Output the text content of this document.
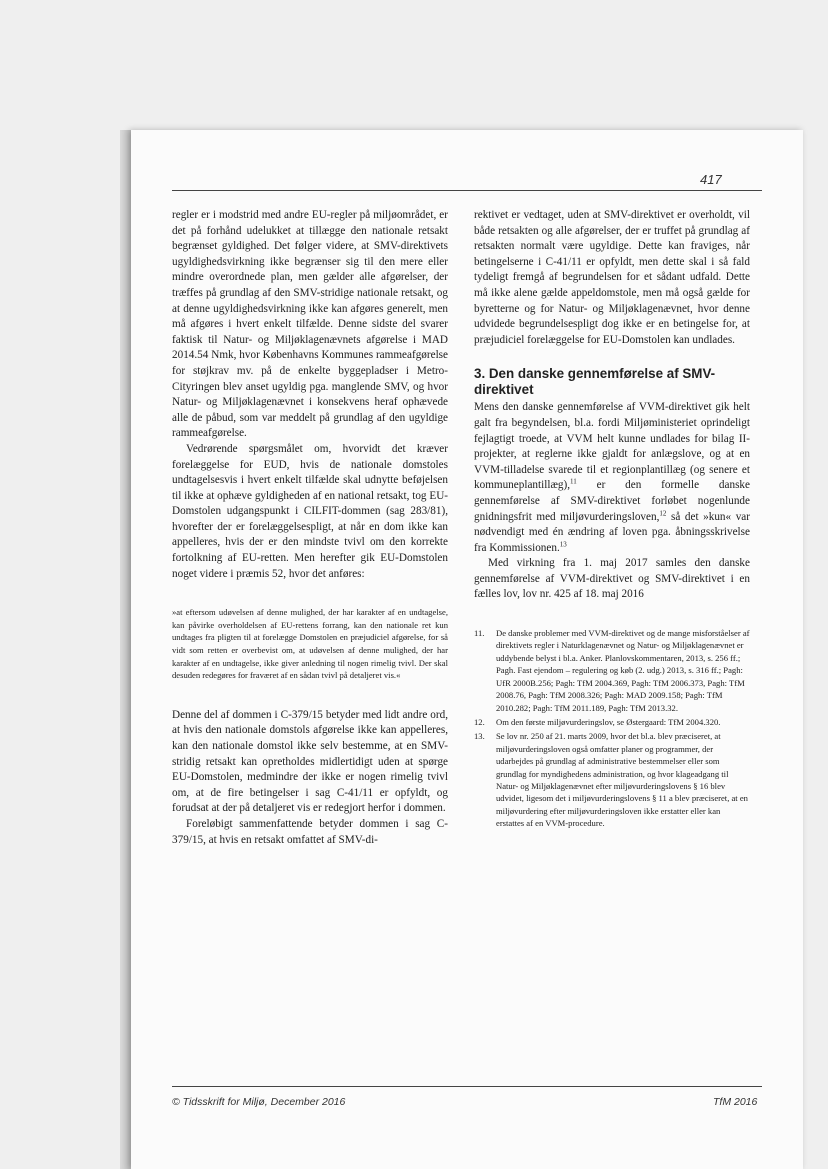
417

regler er i modstrid med andre EU-regler på miljøområdet, er det på forhånd udelukket at tillægge den nationale retsakt begrænset gyldighed. Det følger videre, at SMV-direktivets ugyldighedsvirkning ikke begrænser sig til den mere eller mindre overordnede plan, men gælder alle afgørelser, der træffes på grundlag af den SMV-stridige nationale retsakt, og at denne ugyldighedsvirkning ikke kan afgøres generelt, men må afgøres i hvert enkelt tilfælde. Denne sidste del svarer faktisk til Natur- og Miljøklagenævnets afgørelse i MAD 2014.54 Nmk, hvor Københavns Kommunes rammeafgørelse for støjkrav mv. på de enkelte byggepladser i Metro-Cityringen blev anset ugyldig pga. manglende SMV, og hvor Natur- og Miljøklagenævnet i konsekvens heraf ophævede alle de påbud, som var meddelt på grundlag af den ugyldige rammeafgørelse.

Vedrørende spørgsmålet om, hvorvidt det kræver forelæggelse for EUD, hvis de nationale domstoles undtagelsesvis i hvert enkelt tilfælde skal udnytte beføjelsen til ikke at ophæve gyldigheden af en national retsakt, tog EU-Domstolen udgangspunkt i CILFIT-dommen (sag 283/81), hvorefter der er forelæggelsespligt, at når en dom ikke kan appelleres, hvis der er den mindste tvivl om den korrekte fortolkning af EU-retten. Men herefter gik EU-Domstolen noget videre i præmis 52, hvor det anføres:

»at eftersom udøvelsen af denne mulighed, der har karakter af en undtagelse, kan påvirke overholdelsen af EU-rettens forrang, kan den nationale ret kun undtages fra pligten til at forelægge Domstolen en præjudiciel afgørelse, for så vidt som retten er overbevist om, at udøvelsen af denne mulighed, der har karakter af en undtagelse, ikke giver anledning til nogen rimelig tvivl. Der skal desuden redegøres for fraværet af en sådan tvivl på detaljeret vis.«

Denne del af dommen i C-379/15 betyder med lidt andre ord, at hvis den nationale domstols afgørelse ikke kan appelleres, kan den nationale domstol ikke selv bestemme, at en SMV-stridig retsakt kan opretholdes midlertidigt uden at spørge EU-Domstolen, medmindre der ikke er nogen rimelig tvivl om, at de fire betingelser i sag C-41/11 er opfyldt, og forudsat at der på detaljeret vis er redegjort herfor i dommen.

Foreløbigt sammenfattende betyder dommen i sag C-379/15, at hvis en retsakt omfattet af SMV-di-

rektivet er vedtaget, uden at SMV-direktivet er overholdt, vil både retsakten og alle afgørelser, der er truffet på grundlag af retsakten normalt være ugyldige. Dette kan fraviges, når betingelserne i C-41/11 er opfyldt, men dette skal i så fald tydeligt fremgå af begrundelsen for et sådant udfald. Dette må ikke alene gælde appeldomstole, men må også gælde for byretterne og for Natur- og Miljøklagenævnet, hvor denne udvidede begrundelsespligt dog ikke er en betingelse for, at præjudiciel forelæggelse for EU-Domstolen kan undlades.

3. Den danske gennemførelse af SMV-direktivet

Mens den danske gennemførelse af VVM-direktivet gik helt galt fra begyndelsen, bl.a. fordi Miljøministeriet oprindeligt fejlagtigt troede, at VVM helt kunne undlades for bilag II-projekter, at reglerne ikke gjaldt for anlægslove, og at en VVM-tilladelse svarede til et regionplantillæg (og senere et kommuneplantillæg),$^{11}$ er den formelle danske gennemførelse af SMV-direktivet forløbet nogenlunde gnidningsfrit med miljøvurderingsloven,$^{12}$ så det »kun« var nødvendigt med én ændring af loven pga. åbningsskrivelse fra Kommissionen.$^{13}$

Med virkning fra 1. maj 2017 samles den danske gennemførelse af VVM-direktivet og SMV-direktivet i en fælles lov, lov nr. 425 af 18. maj 2016

11.	De danske problemer med VVM-direktivet og de mange misforståelser af direktivets regler i Naturklagenævnet og Natur- og Miljøklagenævnet er uddybende belyst i bl.a. Anker. Planlovskommentaren, 2013, s. 256 ff.; Pagh. Fast ejendom – regulering og køb (2. udg.) 2013, s. 316 ff.; Pagh: UfR 2000B.256; Pagh: TfM 2004.369, Pagh: TfM 2006.373, Pagh: TfM 2008.76, Pagh: TfM 2008.326; Pagh: MAD 2009.158; Pagh: TfM 2010.282; Pagh: TfM 2011.189, Pagh: TfM 2013.32.
12.	Om den første miljøvurderingslov, se Østergaard: TfM 2004.320.
13.	Se lov nr. 250 af 21. marts 2009, hvor det bl.a. blev præciseret, at miljøvurderingsloven også omfatter planer og programmer, der udarbejdes på grundlag af administrative bestemmelser eller som grundlag for myndighedens administration, og hvor klageadgang til Natur- og Miljøklagenævnet efter miljøvurderingslovens § 16 blev udvidet, ligesom det i miljøvurderingslovens § 11 a blev præciseret, at en miljøvurdering efter miljøvurderingsloven ikke erstatter eller kan erstattes af en VVM-procedure.
© Tidsskrift for Miljø, December 2016	TfM 2016
